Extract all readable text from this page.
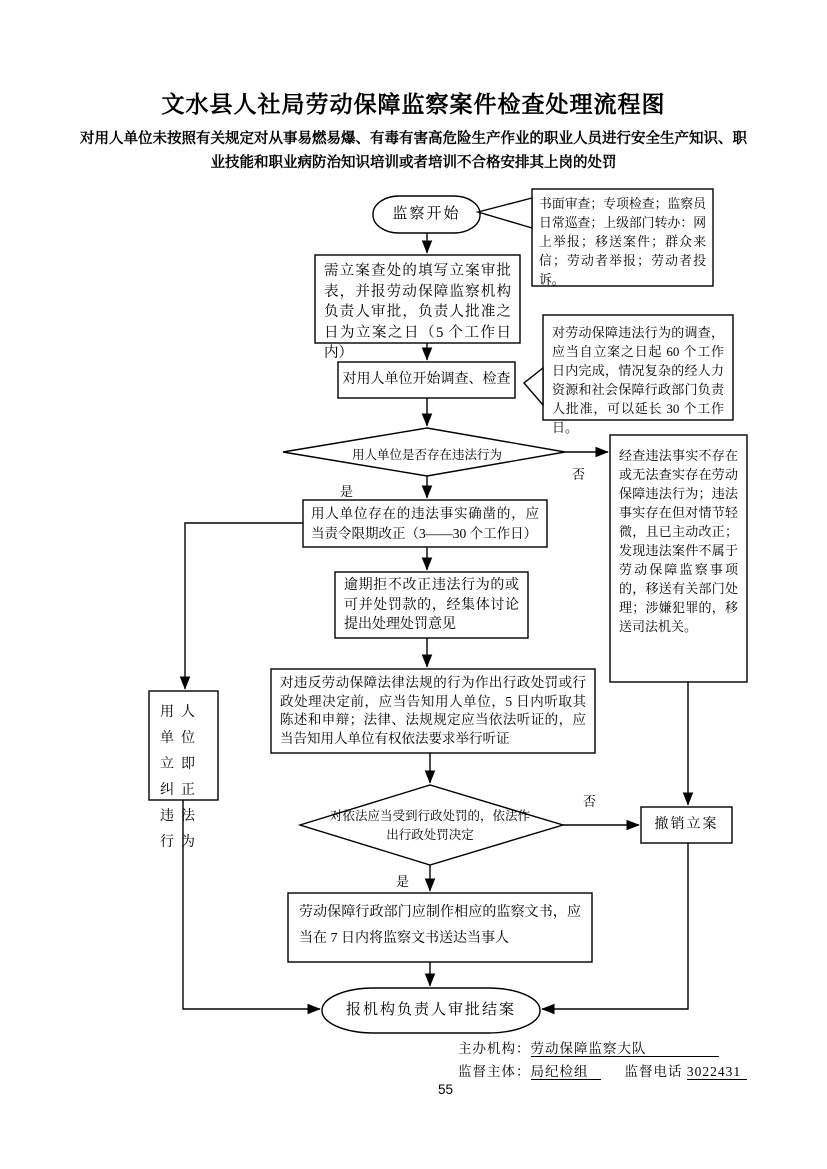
文水县人社局劳动保障监察案件检查处理流程图
对用人单位未按照有关规定对从事易燃易爆、有毒有害高危险生产作业的职业人员进行安全生产知识、职业技能和职业病防治知识培训或者培训不合格安排其上岗的处罚
监察开始
书面审查；专项检查；监察员日常巡查；上级部门转办：网上举报；移送案件；群众来信；劳动者举报；劳动者投诉。
需立案查处的填写立案审批表，并报劳动保障监察机构负责人审批，负责人批准之日为立案之日（5 个工作日内）
对用人单位开始调查、检查
对劳动保障违法行为的调查，应当自立案之日起 60 个工作日内完成，情况复杂的经人力资源和社会保障行政部门负责人批准，可以延长 30 个工作日。
用人单位是否存在违法行为
是
否
经查违法事实不存在或无法查实存在劳动保障违法行为；违法事实存在但对情节轻微，且已主动改正；发现违法案件不属于劳动保障监察事项的，移送有关部门处理；涉嫌犯罪的，移送司法机关。
用人单位存在的违法事实确凿的，应当责令限期改正（3——30 个工作日）
逾期拒不改正违法行为的或可并处罚款的，经集体讨论提出处理处罚意见
对违反劳动保障法律法规的行为作出行政处罚或行政处理决定前，应当告知用人单位，5 日内听取其陈述和申辩；法律、法规规定应当依法听证的，应当告知用人单位有权依法要求举行听证
用人单位立即纠正违法行为
对依法应当受到行政处罚的，依法作出行政处罚决定
是
否
撤销立案
劳动保障行政部门应制作相应的监察文书，应当在 7 日内将监察文书送达当事人
报机构负责人审批结案
主办机构：劳动保障监察大队
监督主体：局纪检组	监督电话 3022431
55
